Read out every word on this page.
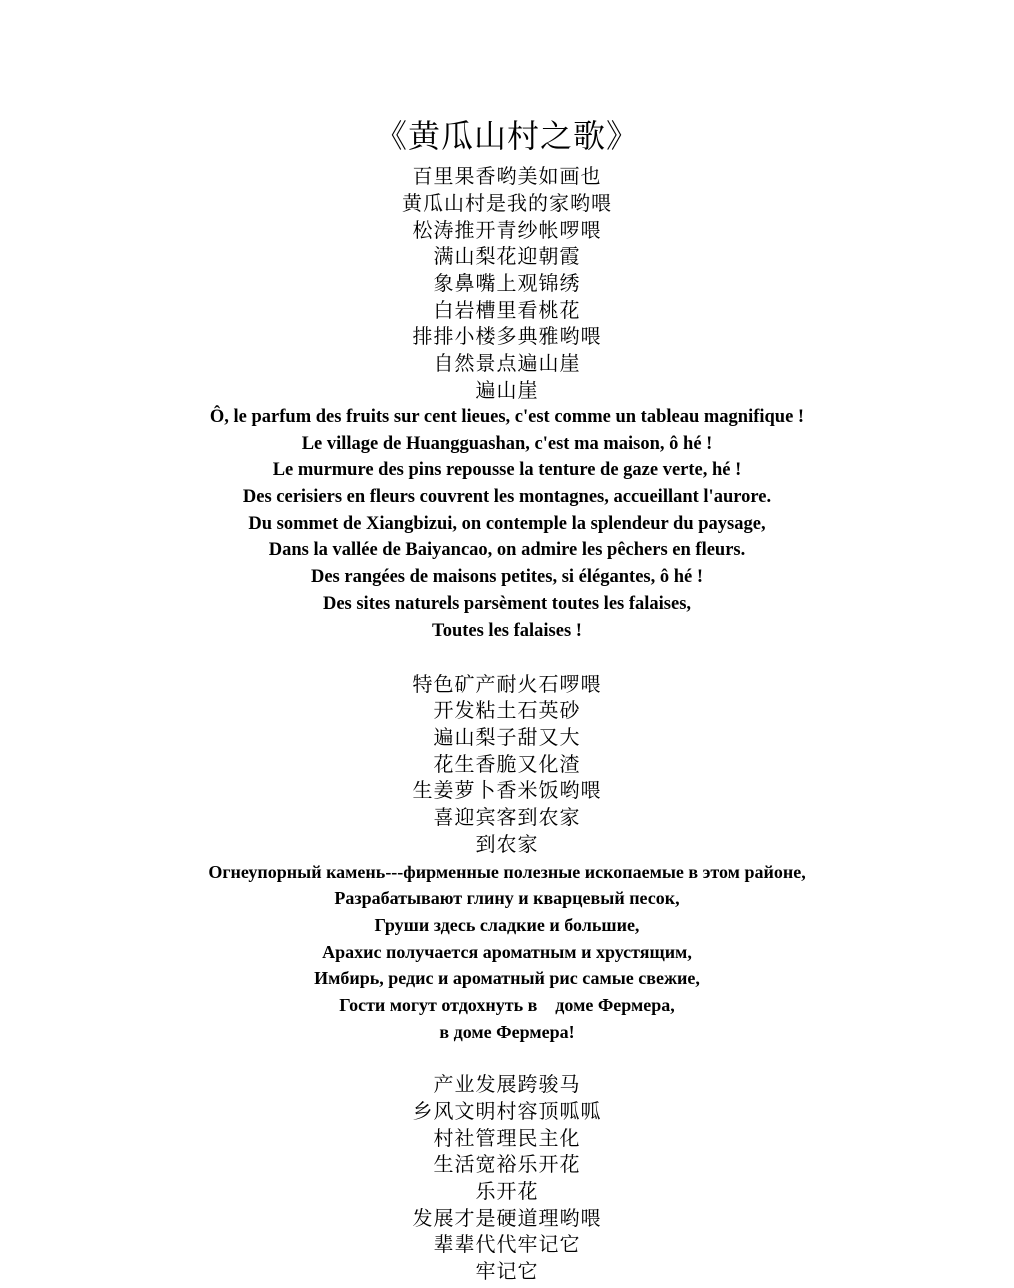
《黄瓜山村之歌》
百里果香哟美如画也
黄瓜山村是我的家哟喂
松涛推开青纱帐啰喂
满山梨花迎朝霞
象鼻嘴上观锦绣
白岩槽里看桃花
排排小楼多典雅哟喂
自然景点遍山崖
遍山崖
Ô, le parfum des fruits sur cent lieues, c'est comme un tableau magnifique !
Le village de Huangguashan, c'est ma maison, ô hé !
Le murmure des pins repousse la tenture de gaze verte, hé !
Des cerisiers en fleurs couvrent les montagnes, accueillant l'aurore.
Du sommet de Xiangbizui, on contemple la splendeur du paysage,
Dans la vallée de Baiyancao, on admire les pêchers en fleurs.
Des rangées de maisons petites, si élégantes, ô hé !
Des sites naturels parsèment toutes les falaises,
Toutes les falaises !
特色矿产耐火石啰喂
开发粘土石英砂
遍山梨子甜又大
花生香脆又化渣
生姜萝卜香米饭哟喂
喜迎宾客到农家
到农家
Огнеупорный камень---фирменные полезные ископаемые в этом районе,
Разрабатывают глину и кварцевый песок,
Груши здесь сладкие и большие,
Арахис получается ароматным и хрустящим,
Имбирь, редис и ароматный рис самые свежие,
Гости могут отдохнуть в    доме Фермера,
в доме Фермера!
产业发展跨骏马
乡风文明村容顶呱呱
村社管理民主化
生活宽裕乐开花
乐开花
发展才是硬道理哟喂
辈辈代代牢记它
牢记它
